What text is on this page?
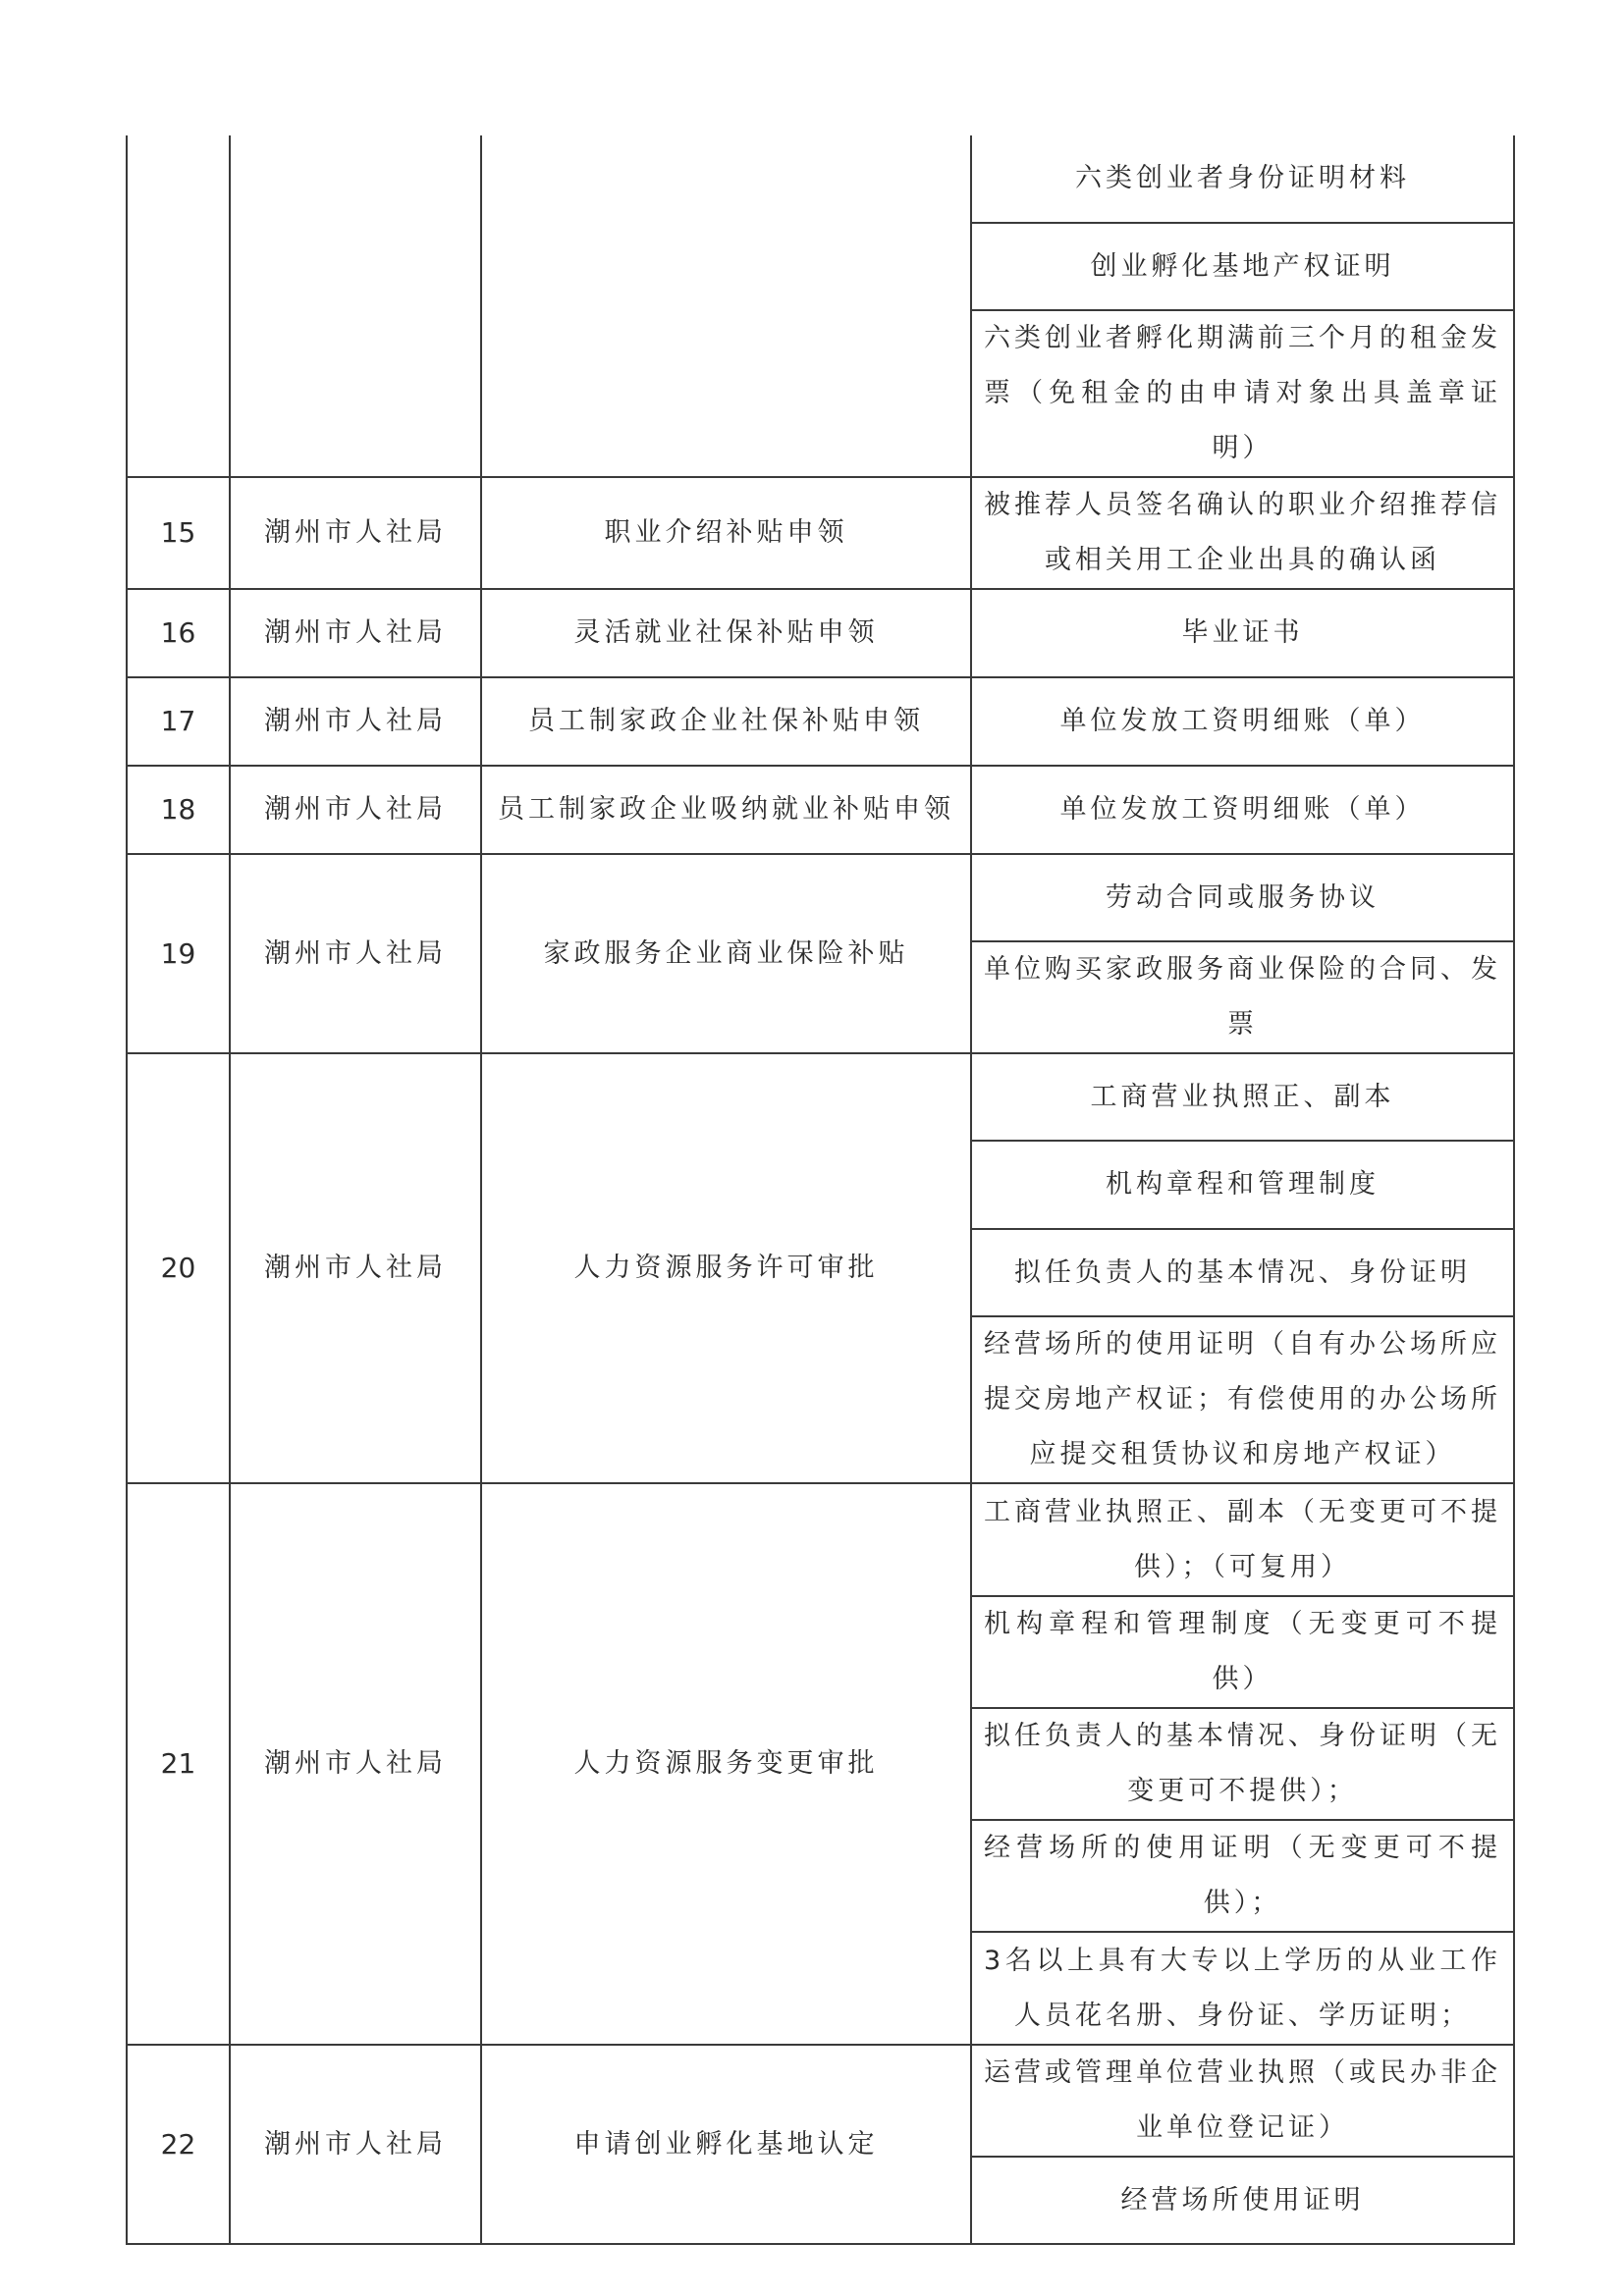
			六类创业者身份证明材料
			创业孵化基地产权证明
			六类创业者孵化期满前三个月的租金发票（免租金的由申请对象出具盖章证明）
15	潮州市人社局	职业介绍补贴申领	被推荐人员签名确认的职业介绍推荐信或相关用工企业出具的确认函
16	潮州市人社局	灵活就业社保补贴申领	毕业证书
17	潮州市人社局	员工制家政企业社保补贴申领	单位发放工资明细账（单）
18	潮州市人社局	员工制家政企业吸纳就业补贴申领	单位发放工资明细账（单）
19	潮州市人社局	家政服务企业商业保险补贴	劳动合同或服务协议
			单位购买家政服务商业保险的合同、发票
20	潮州市人社局	人力资源服务许可审批	工商营业执照正、副本
			机构章程和管理制度
			拟任负责人的基本情况、身份证明
			经营场所的使用证明（自有办公场所应提交房地产权证；有偿使用的办公场所应提交租赁协议和房地产权证）
21	潮州市人社局	人力资源服务变更审批	工商营业执照正、副本（无变更可不提供）；（可复用）
			机构章程和管理制度（无变更可不提供）
			拟任负责人的基本情况、身份证明（无变更可不提供）；
			经营场所的使用证明（无变更可不提供）；
			3名以上具有大专以上学历的从业工作人员花名册、身份证、学历证明；
22	潮州市人社局	申请创业孵化基地认定	运营或管理单位营业执照（或民办非企业单位登记证）
			经营场所使用证明
